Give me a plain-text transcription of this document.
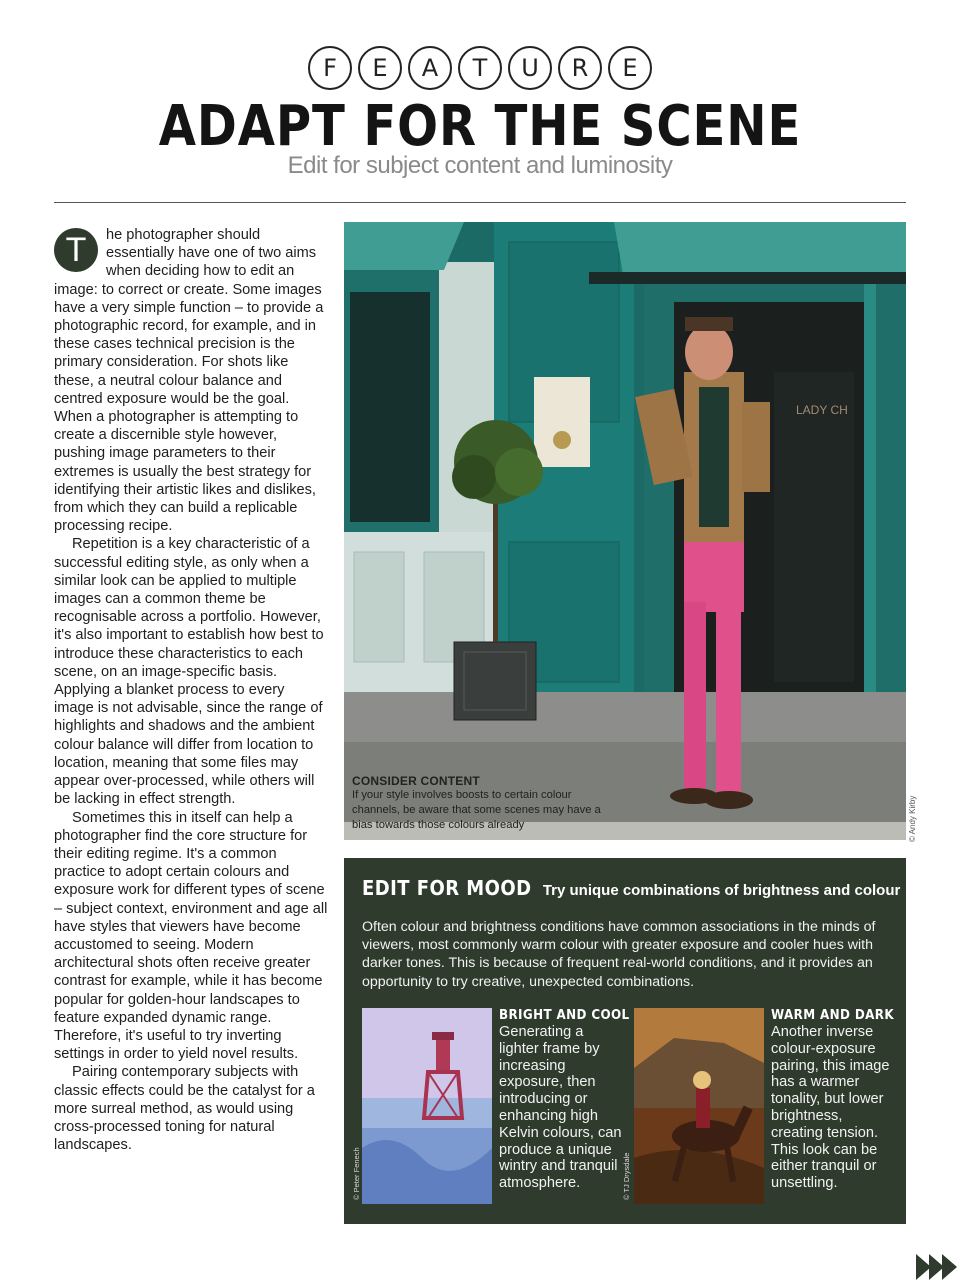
F	E	A	T	U	R	E
ADAPT FOR THE SCENE
Edit for subject content and luminosity

T	he photographer should essentially have one of two aims when deciding how to edit an image: to correct or create. Some images have a very simple function – to provide a photographic record, for example, and in these cases technical precision is the primary consideration. For shots like these, a neutral colour balance and centred exposure would be the goal. When a photographer is attempting to create a discernible style however, pushing image parameters to their extremes is usually the best strategy for identifying their artistic likes and dislikes, from which they can build a replicable processing recipe.

Repetition is a key characteristic of a successful editing style, as only when a similar look can be applied to multiple images can a common theme be recognisable across a portfolio. However, it's also important to establish how best to introduce these characteristics to each scene, on an image-specific basis. Applying a blanket process to every image is not advisable, since the range of highlights and shadows and the ambient colour balance will differ from location to location, meaning that some files may appear over-processed, while others will be lacking in effect strength.

Sometimes this in itself can help a photographer find the core structure for their editing regime. It's a common practice to adopt certain colours and exposure work for different types of scene – subject context, environment and age all have styles that viewers have become accustomed to seeing. Modern architectural shots often receive greater contrast for example, while it has become popular for golden-hour landscapes to feature expanded dynamic range. Therefore, it's useful to try inverting settings in order to yield novel results.

Pairing contemporary subjects with classic effects could be the catalyst for a more surreal method, as would using cross-processed toning for natural landscapes.

LADY CH
CONSIDER CONTENT
If your style involves boosts to certain colour channels, be aware that some scenes may have a bias towards those colours already	© Andy Kirby
EDIT FOR MOOD Try unique combinations of brightness and colour
Often colour and brightness conditions have common associations in the minds of viewers, most commonly warm colour with greater exposure and cooler hues with darker tones. This is because of frequent real-world conditions, and it provides an opportunity to try creative, unexpected combinations.
BRIGHT AND COOL
Generating a lighter frame by increasing exposure, then introducing or enhancing high Kelvin colours, can produce a unique wintry and tranquil atmosphere.
WARM AND DARK
Another inverse colour-exposure pairing, this image has a warmer tonality, but lower brightness, creating tension. This look can be either tranquil or unsettling.
© Peter Fenech	© TJ Drysdale
